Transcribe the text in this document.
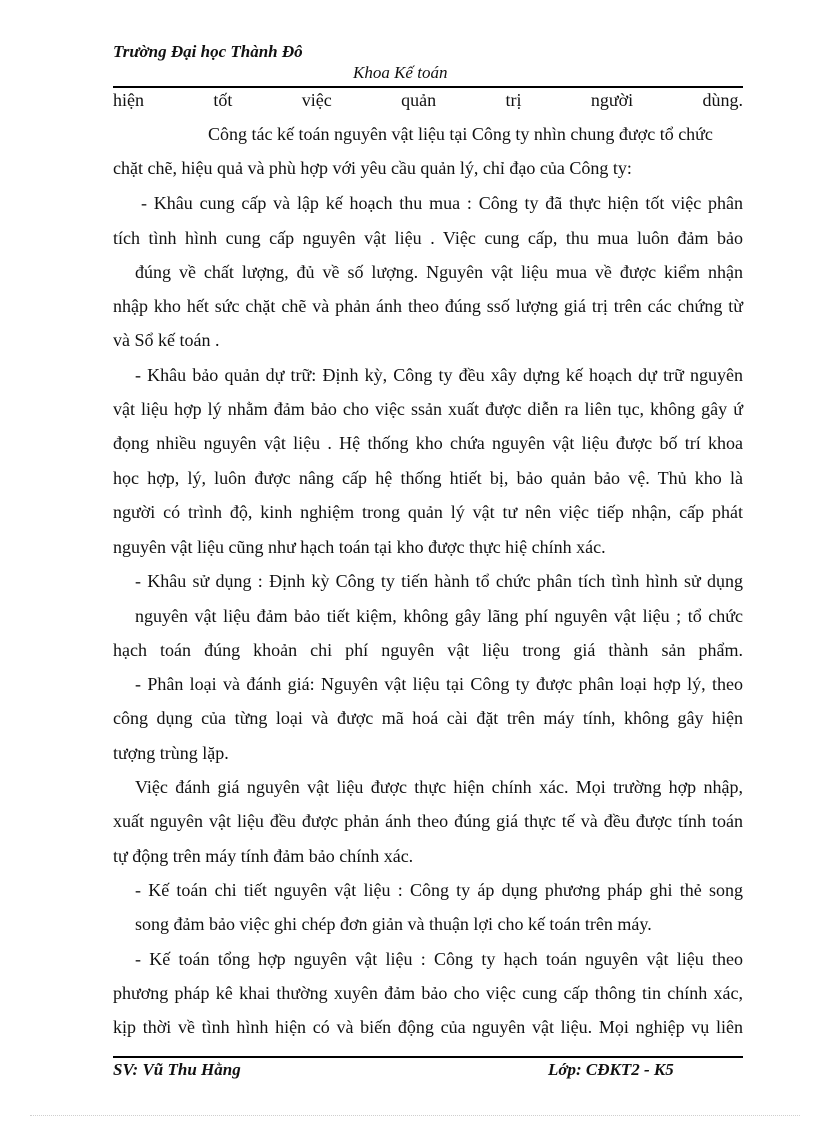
Trường Đại học Thành Đô
Khoa Kế toán
hiện tốt việc quản trị người dùng.
Công tác kế toán nguyên vật liệu tại Công ty nhìn chung được tổ chức
chặt chẽ, hiệu quả và phù hợp với yêu cầu quản lý, chỉ đạo của Công ty:
- Khâu cung cấp và lập kế hoạch thu mua : Công ty đã thực hiện tốt việc phân
tích tình hình cung cấp nguyên vật liệu . Việc cung cấp, thu mua luôn đảm bảo
đúng về chất lượng, đủ về số lượng. Nguyên vật liệu mua về được kiểm nhận
nhập kho hết sức chặt chẽ và phản ánh theo đúng ssố lượng giá trị trên các chứng từ
và Sổ kế toán .
- Khâu bảo quản dự trữ: Định kỳ, Công ty đều xây dựng kế hoạch dự trữ nguyên
vật liệu hợp lý nhằm đảm bảo cho việc ssản xuất được diễn ra liên tục, không gây ứ
đọng nhiều nguyên vật liệu . Hệ thống kho chứa nguyên vật liệu được bố trí khoa
học hợp, lý, luôn được nâng cấp hệ thống htiết bị, bảo quản bảo vệ. Thủ kho là
người có trình độ, kinh nghiệm trong quản lý vật tư nên việc tiếp nhận, cấp phát
nguyên vật liệu cũng như hạch toán tại kho được thực hiệ chính xác.
- Khâu sử dụng : Định kỳ Công ty tiến hành tổ chức phân tích tình hình sử dụng
nguyên vật liệu đảm bảo tiết kiệm, không gây lãng phí nguyên vật liệu ; tổ chức
hạch toán đúng khoản chi phí nguyên vật liệu trong giá thành sản phẩm.
- Phân loại và đánh giá: Nguyên vật liệu tại Công ty được phân loại hợp lý, theo
công dụng của từng loại và được mã hoá cài đặt trên máy tính, không gây hiện
tượng trùng lặp.
Việc đánh giá nguyên vật liệu được thực hiện chính xác. Mọi trường hợp nhập,
xuất nguyên vật liệu đều được phản ánh theo đúng giá thực tế và đều được tính toán
tự động trên máy tính đảm bảo chính xác.
- Kế toán chi tiết nguyên vật liệu : Công ty áp dụng phương pháp ghi thẻ song
song đảm bảo việc ghi chép đơn giản và thuận lợi cho kế toán trên máy.
- Kế toán tổng hợp nguyên vật liệu : Công ty hạch toán nguyên vật liệu theo
phương pháp kê khai thường xuyên đảm bảo cho việc cung cấp thông tin chính xác,
kịp thời về tình hình hiện có và biến động của nguyên vật liệu. Mọi nghiệp vụ liên
SV: Vũ Thu Hằng	Lớp: CĐKT2 - K5
